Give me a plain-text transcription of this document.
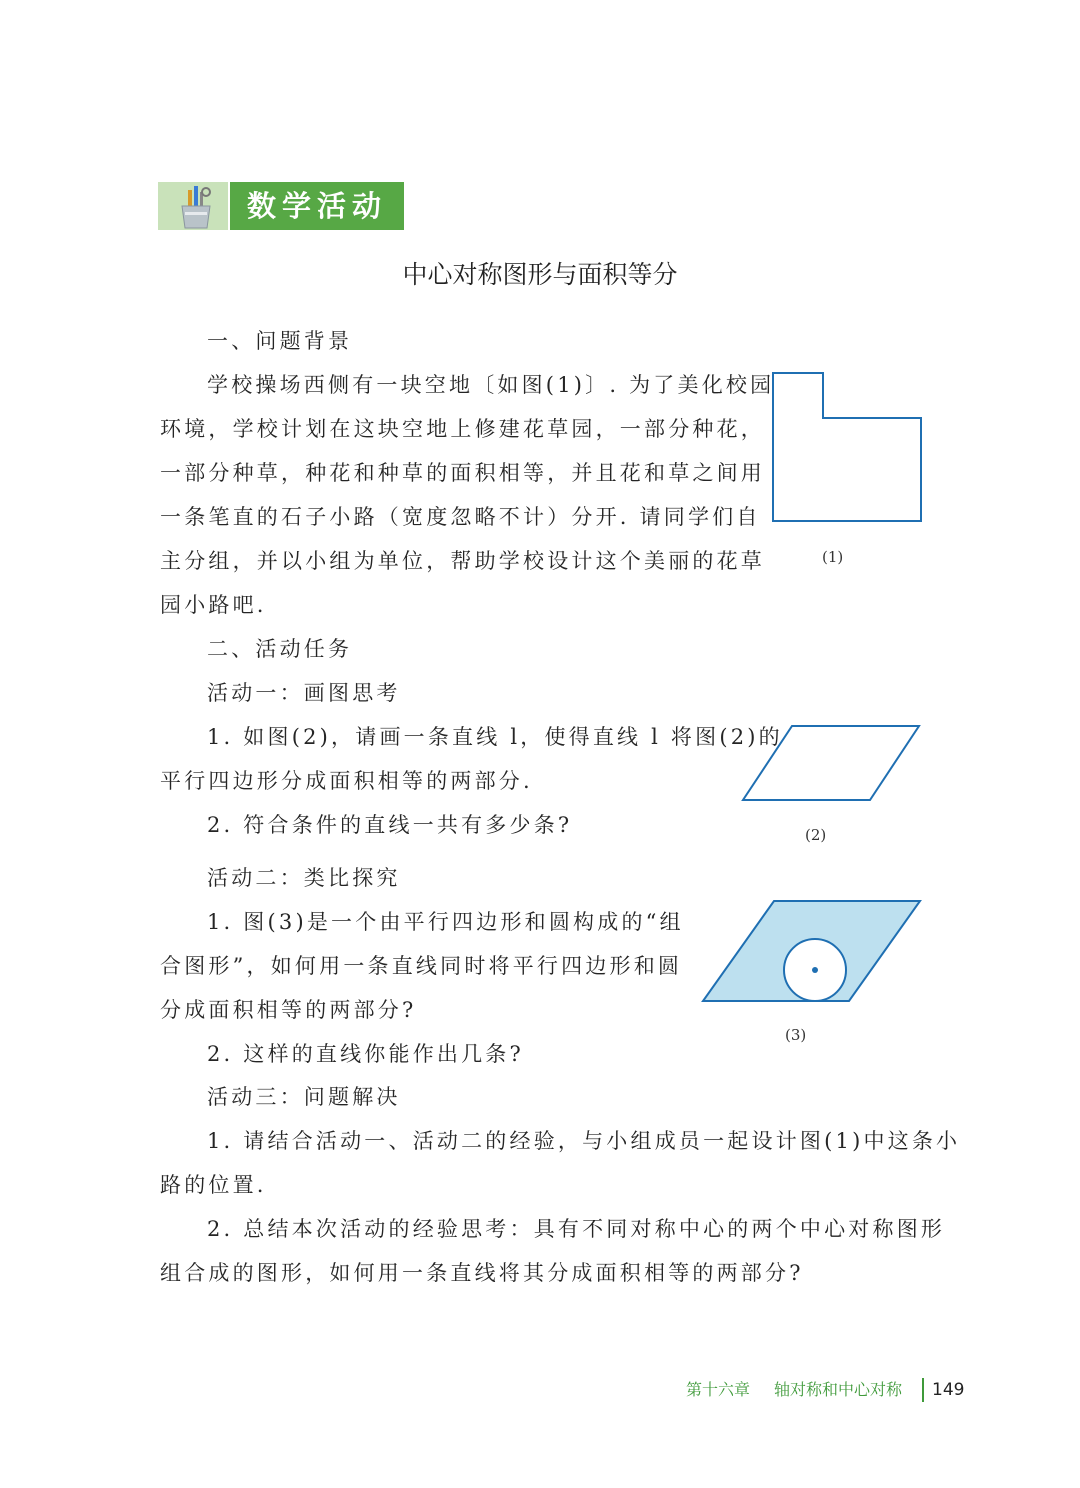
数学活动
中心对称图形与面积等分
一、问题背景
学校操场西侧有一块空地〔如图(1)〕. 为了美化校园
环境，学校计划在这块空地上修建花草园，一部分种花，
一部分种草，种花和种草的面积相等，并且花和草之间用
一条笔直的石子小路（宽度忽略不计）分开. 请同学们自
主分组，并以小组为单位，帮助学校设计这个美丽的花草
园小路吧.
(1)
二、活动任务
活动一：画图思考
1. 如图(2)，请画一条直线 l，使得直线 l 将图(2)的
平行四边形分成面积相等的两部分.
2. 符合条件的直线一共有多少条?	(2)
活动二：类比探究
1. 图(3)是一个由平行四边形和圆构成的“组
合图形”，如何用一条直线同时将平行四边形和圆
分成面积相等的两部分?
2. 这样的直线你能作出几条?
(3)
活动三：问题解决
1. 请结合活动一、活动二的经验，与小组成员一起设计图(1)中这条小
路的位置.
2. 总结本次活动的经验思考：具有不同对称中心的两个中心对称图形
组合成的图形，如何用一条直线将其分成面积相等的两部分?
第十六章 轴对称和中心对称 149
